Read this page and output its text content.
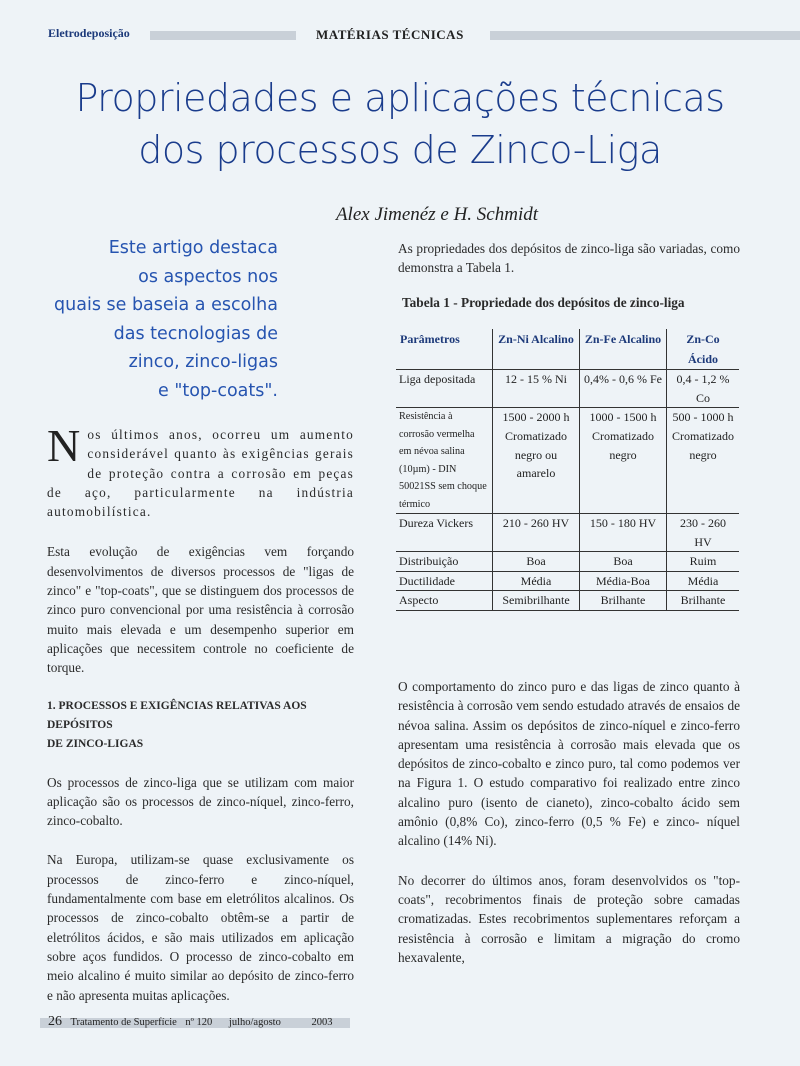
Eletrodeposição	MATÉRIAS TÉCNICAS
Propriedades e aplicações técnicas
dos processos de Zinco-Liga
Alex Jimenéz e H. Schmidt
Este artigo destaca
os aspectos nos
quais se baseia a escolha
das tecnologias de
zinco, zinco-ligas
e "top-coats".

Nos últimos anos, ocorreu um aumento considerável quanto às exigências gerais de proteção contra a corrosão em peças de aço, particularmente na indústria automobilística.

Esta evolução de exigências vem forçando desenvolvimentos de diversos processos de "ligas de zinco" e "top-coats", que se distinguem dos processos de zinco puro convencional por uma resistência à corrosão muito mais elevada e um desempenho superior em aplicações que necessitem controle no coeficiente de torque.

1. PROCESSOS E EXIGÊNCIAS RELATIVAS AOS DEPÓSITOS
DE ZINCO-LIGAS

Os processos de zinco-liga que se utilizam com maior aplicação são os processos de zinco-níquel, zinco-ferro, zinco-cobalto.

Na Europa, utilizam-se quase exclusivamente os processos de zinco-ferro e zinco-níquel, fundamentalmente com base em eletrólitos alcalinos. Os processos de zinco-cobalto obtêm-se a partir de eletrólitos ácidos, e são mais utilizados em aplicação sobre aços fundidos. O processo de zinco-cobalto em meio alcalino é muito similar ao depósito de zinco-ferro e não apresenta muitas aplicações.

As propriedades dos depósitos de zinco-liga são variadas, como demonstra a Tabela 1.

Tabela 1 - Propriedade dos depósitos de zinco-liga
Parâmetros	Zn-Ni Alcalino	Zn-Fe Alcalino	Zn-Co Ácido
Liga depositada	12 - 15 % Ni	0,4% - 0,6 % Fe	0,4 - 1,2 % Co
Resistência à corrosão vermelha em névoa salina (10µm) - DIN 50021SS sem choque térmico	1500 - 2000 h	1000 - 1500 h	500 - 1000 h
	Cromatizado negro ou amarelo	Cromatizado negro	Cromatizado negro
Dureza Vickers	210 - 260 HV	150 - 180 HV	230 - 260 HV
Distribuição	Boa	Boa	Ruim
Ductilidade	Média	Média-Boa	Média
Aspecto	Semibrilhante	Brilhante	Brilhante

O comportamento do zinco puro e das ligas de zinco quanto à resistência à corrosão vem sendo estudado através de ensaios de névoa salina. Assim os depósitos de zinco-níquel e zinco-ferro apresentam uma resistência à corrosão mais elevada que os depósitos de zinco-cobalto e zinco puro, tal como podemos ver na Figura 1. O estudo comparativo foi realizado entre zinco alcalino puro (isento de cianeto), zinco-cobalto ácido sem amônio (0,8% Co), zinco-ferro (0,5 % Fe) e zinco- níquel alcalino (14% Ni).

No decorrer do últimos anos, foram desenvolvidos os "top-coats", recobrimentos finais de proteção sobre camadas cromatizadas. Estes recobrimentos suplementares reforçam a resistência à corrosão e limitam a migração do cromo hexavalente,

26 Tratamento de Superfície nº 120 julho/agosto	2003
